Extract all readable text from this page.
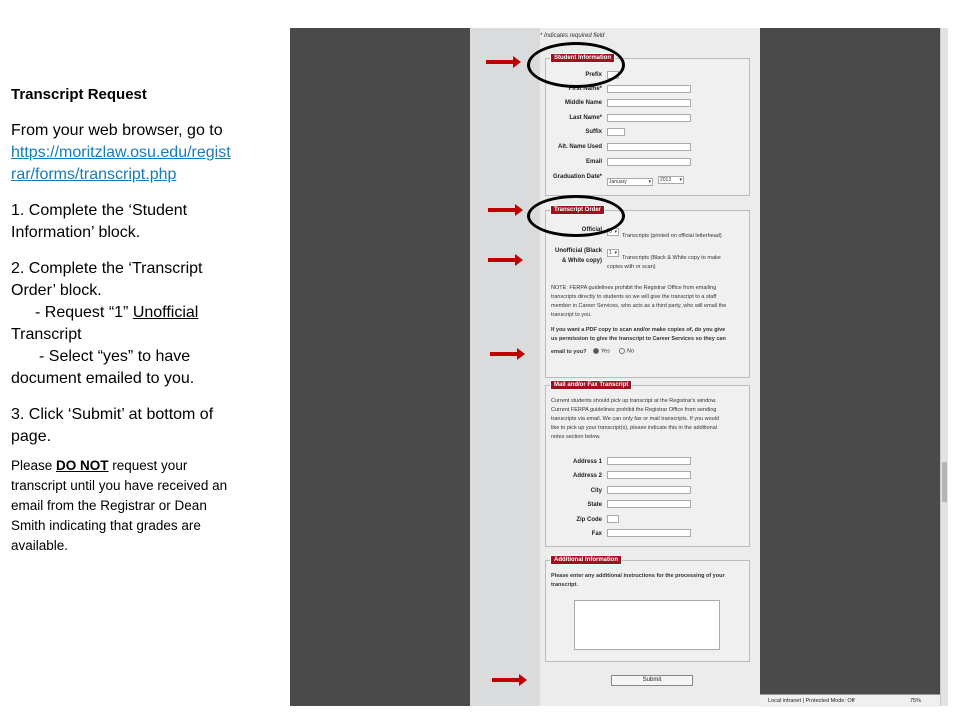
Transcript Request

From your web browser, go to

https://moritzlaw.osu.edu/regist

rar/forms/transcript.php

1. Complete the ‘Student

Information’ block.

2. Complete the ‘Transcript

Order’ block.

- Request “1” Unofficial

Transcript

- Select “yes” to have

document emailed to you.

3. Click ‘Submit’ at bottom of

page.

Please DO NOT request your

transcript until you have received an

email from the Registrar or Dean

Smith indicating that grades are

available.

* Indicates required field
Student Information
Prefix
First Name*
Middle Name
Last Name*
Suffix
Alt. Name Used
Email
Graduation Date*
January	▾	2013 ▾
Transcript Order
Official	0 ▾
Transcripts (printed on official letterhead)
Unofficial (Black
& White copy)
1 ▾
Transcripts (Black & White copy to make
copies with or scan)
NOTE: FERPA guidelines prohibit the Registrar Office from emailing
transcripts directly to students so we will give the transcript to a staff
member in Career Services, who acts as a third party, who will email the
transcript to you.
If you want a PDF copy to scan and/or make copies of, do you give
us permission to give the transcript to Career Services so they can
email to you?	Yes	No
Mail and/or Fax Transcript
Current students should pick up transcript at the Registrar's window.
Current FERPA guidelines prohibit the Registrar Office from sending
transcripts via email. We can only fax or mail transcripts. If you would
like to pick up your transcript(s), please indicate this in the additional
notes section below.
Address 1
Address 2
City
State
Zip Code
Fax
Additional Information
Please enter any additional instructions for the processing of your
transcript.
Submit
Local intranet | Protected Mode: Off	75%
